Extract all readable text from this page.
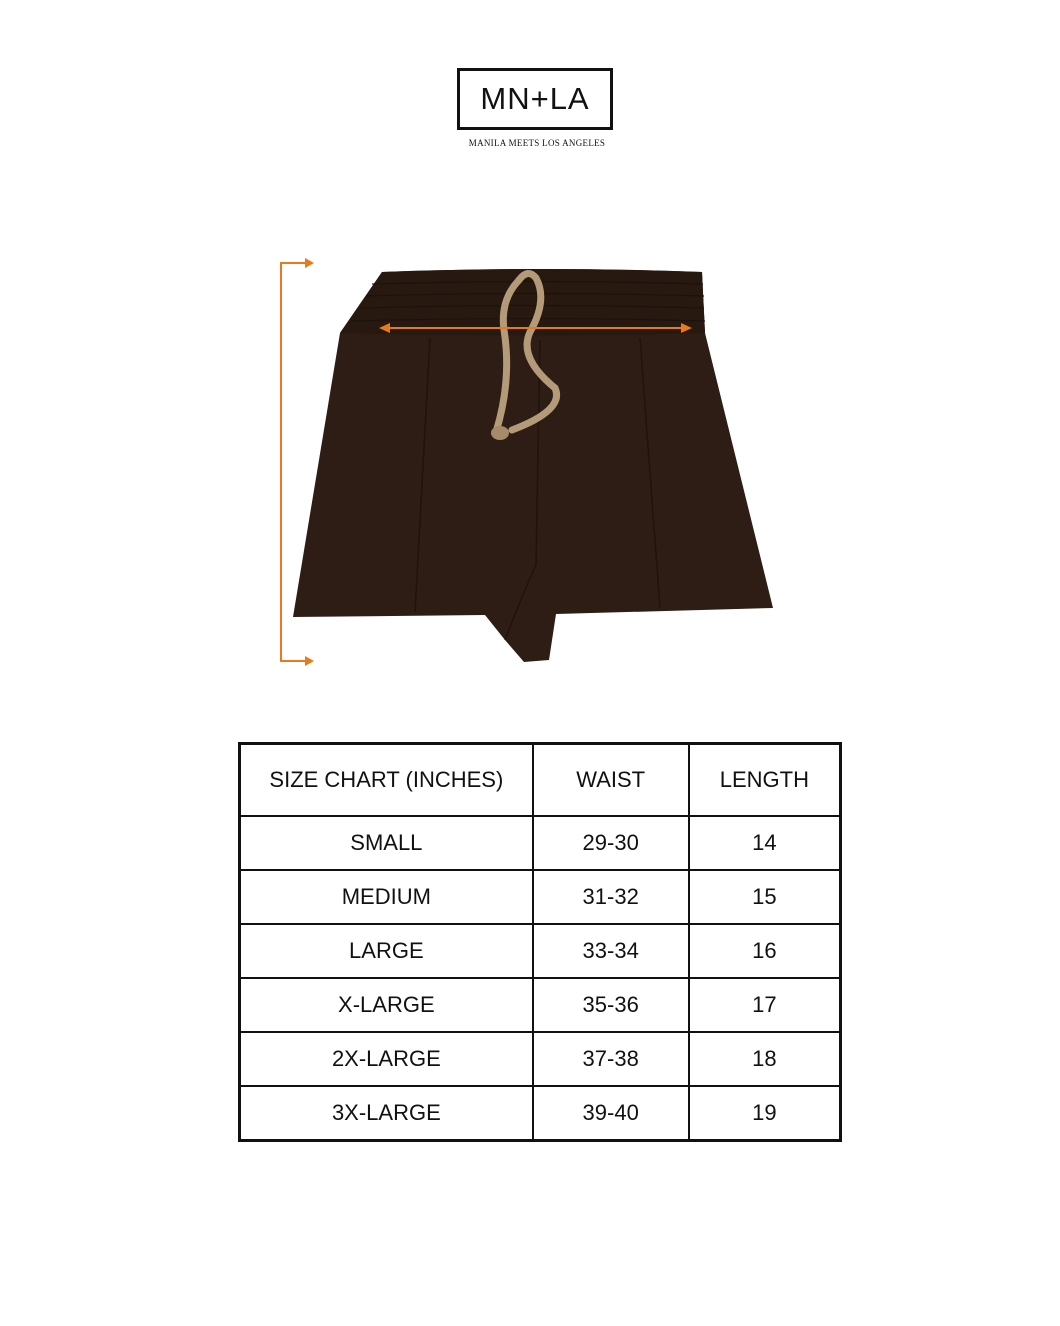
MN+LA
MANILA MEETS LOS ANGELES
SIZE CHART (INCHES)	WAIST	LENGTH
SMALL	29-30	14
MEDIUM	31-32	15
LARGE	33-34	16
X-LARGE	35-36	17
2X-LARGE	37-38	18
3X-LARGE	39-40	19
